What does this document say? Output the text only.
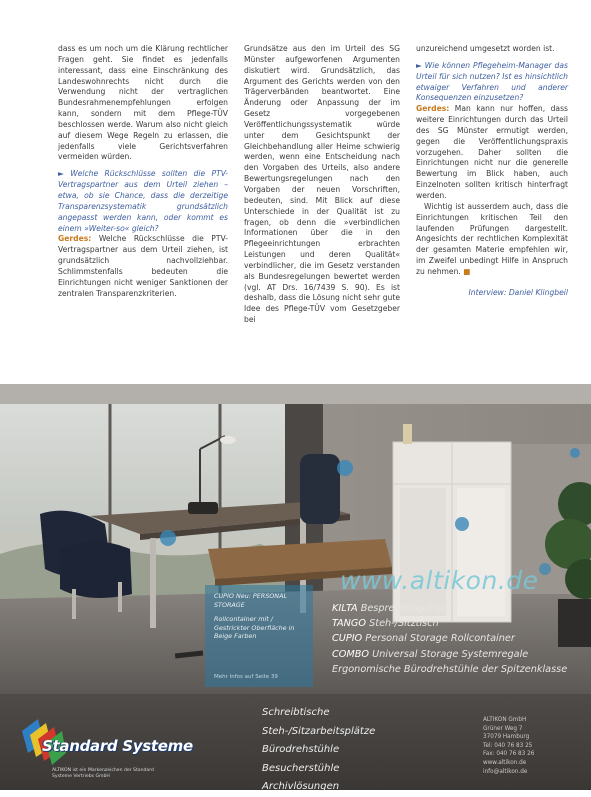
dass es um noch um die Klärung rechtlicher Fragen geht. Sie findet es jedenfalls interessant, dass eine Einschränkung des Landeswohnrechts nicht durch die Verwendung nicht der vertraglichen Bundesrahmenempfehlungen erfolgen kann, sondern mit dem Pflege-TÜV beschlossen werde. Warum also nicht gleich auf diesem Wege Regeln zu erlassen, die jedenfalls viele Gerichtsverfahren vermeiden würden.

► Welche Rückschlüsse sollten die PTV-Vertragspartner aus dem Urteil ziehen – etwa, ob sie Chance, dass die derzeitige Transparenzsystematik grundsätzlich angepasst werden kann, oder kommt es einem »Weiter-so« gleich?

Gerdes: Welche Rückschlüsse die PTV-Vertragspartner aus dem Urteil ziehen, ist grundsätzlich nachvollziehbar. Schlimmstenfalls bedeuten die Einrichtungen nicht weniger Sanktionen der zentralen Transparenzkriterien.

Grundsätze aus den im Urteil des SG Münster aufgeworfenen Argumenten diskutiert wird. Grundsätzlich, das Argument des Gerichts werden von den Trägerverbänden beantwortet. Eine Änderung oder Anpassung der im Gesetz vorgegebenen Veröffentlichungssystematik würde unter dem Gesichtspunkt der Gleichbehandlung aller Heime schwierig werden, wenn eine Entscheidung nach den Vorgaben des Urteils, also andere Bewertungsregelungen nach den Vorgaben der neuen Vorschriften, bedeuten, sind. Mit Blick auf diese Unterschiede in der Qualität ist zu fragen, ob denn die »verbindlichen Informationen über die in den Pflegeeinrichtungen erbrachten Leistungen und deren Qualität« verbindlicher, die im Gesetz verstanden als Bundesregelungen bewertet werden (vgl. AT Drs. 16/7439 S. 90). Es ist deshalb, dass die Lösung nicht sehr gute Idee des Pflege-TÜV vom Gesetzgeber bei

unzureichend umgesetzt worden ist.

► Wie können Pflegeheim-Manager das Urteil für sich nutzen? Ist es hinsichtlich etwaiger Verfahren und anderer Konsequenzen einzusetzen?

Gerdes: Man kann nur hoffen, dass weitere Einrichtungen durch das Urteil des SG Münster ermutigt werden, gegen die Veröffentlichungspraxis vorzugehen. Daher sollten die Einrichtungen nicht nur die generelle Bewertung im Blick haben, auch Einzelnoten sollten kritisch hinterfragt werden.

Wichtig ist ausserdem auch, dass die Einrichtungen kritischen Teil den laufenden Prüfungen dargestellt. Angesichts der rechtlichen Komplexität der gesamten Materie empfehlen wir, im Zweifel unbedingt Hilfe in Anspruch zu nehmen. ■

Interview: Daniel Klingbeil

www.altikon.de
CUPIO Neu: PERSONAL STORAGE
Rollcontainer mit / Gestrickter Oberfläche in Beige Farben
Mehr Infos auf Seite 39
KILTA Besprechungstische
TANGO Steh-/Sitztisch
CUPIO Personal Storage Rollcontainer
COMBO Universal Storage Systemregale
Ergonomische Bürodrehstühle der Spitzenklasse
Standard Systeme
ALTIKON ist ein Markenzeichen der Standard Systeme Vertriebs GmbH
Schreibtische
Steh-/Sitzarbeitsplätze
Bürodrehstühle
Besucherstühle
Archivlösungen
ALTIKON GmbH
Grüner Weg 7
37079 Hamburg
Tel: 040 76 83 25
Fax: 040 76 83 26
www.altikon.de
info@altikon.de
